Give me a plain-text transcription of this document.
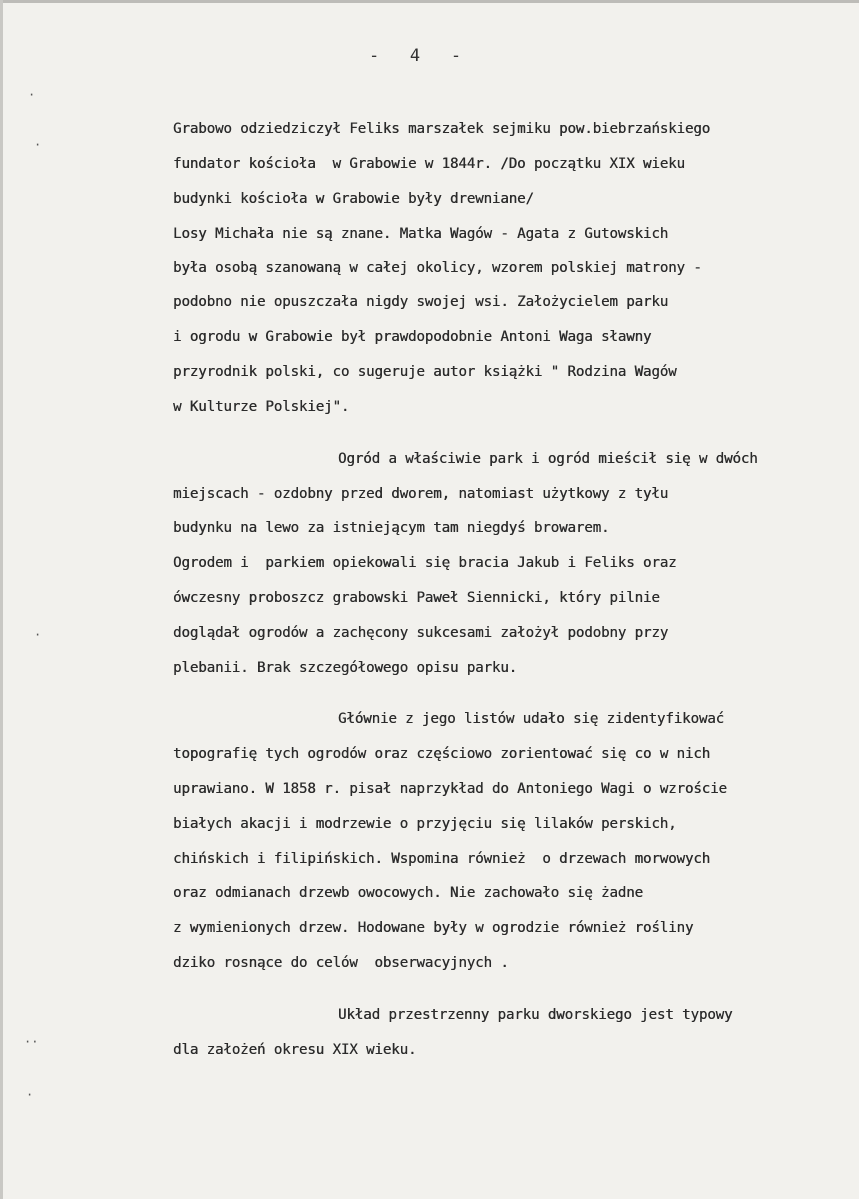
-   4   -
Grabowo odziedziczył Feliks marszałek sejmiku pow.biebrzańskiego
fundator kościoła  w Grabowie w 1844r. /Do początku XIX wieku
budynki kościoła w Grabowie były drewniane/
Losy Michała nie są znane. Matka Wagów - Agata z Gutowskich
była osobą szanowaną w całej okolicy, wzorem polskiej matrony -
podobno nie opuszczała nigdy swojej wsi. Założycielem parku
i ogrodu w Grabowie był prawdopodobnie Antoni Waga sławny
przyrodnik polski, co sugeruje autor książki " Rodzina Wagów
w Kulturze Polskiej".
Ogród a właściwie park i ogród mieścił się w dwóch
miejscach - ozdobny przed dworem, natomiast użytkowy z tyłu
budynku na lewo za istniejącym tam niegdyś browarem.
Ogrodem i  parkiem opiekowali się bracia Jakub i Feliks oraz
ówczesny proboszcz grabowski Paweł Siennicki, który pilnie
doglądał ogrodów a zachęcony sukcesami założył podobny przy
plebanii. Brak szczegółowego opisu parku.
Głównie z jego listów udało się zidentyfikować
topografię tych ogrodów oraz częściowo zorientować się co w nich
uprawiano. W 1858 r. pisał naprzykład do Antoniego Wagi o wzroście
białych akacji i modrzewie o przyjęciu się lilaków perskich,
chińskich i filipińskich. Wspomina również  o drzewach morwowych
oraz odmianach drzewb owocowych. Nie zachowało się żadne
z wymienionych drzew. Hodowane były w ogrodzie również rośliny
dziko rosnące do celów  obserwacyjnych .
Układ przestrzenny parku dworskiego jest typowy
dla założeń okresu XIX wieku.
·
·
·
··
·
